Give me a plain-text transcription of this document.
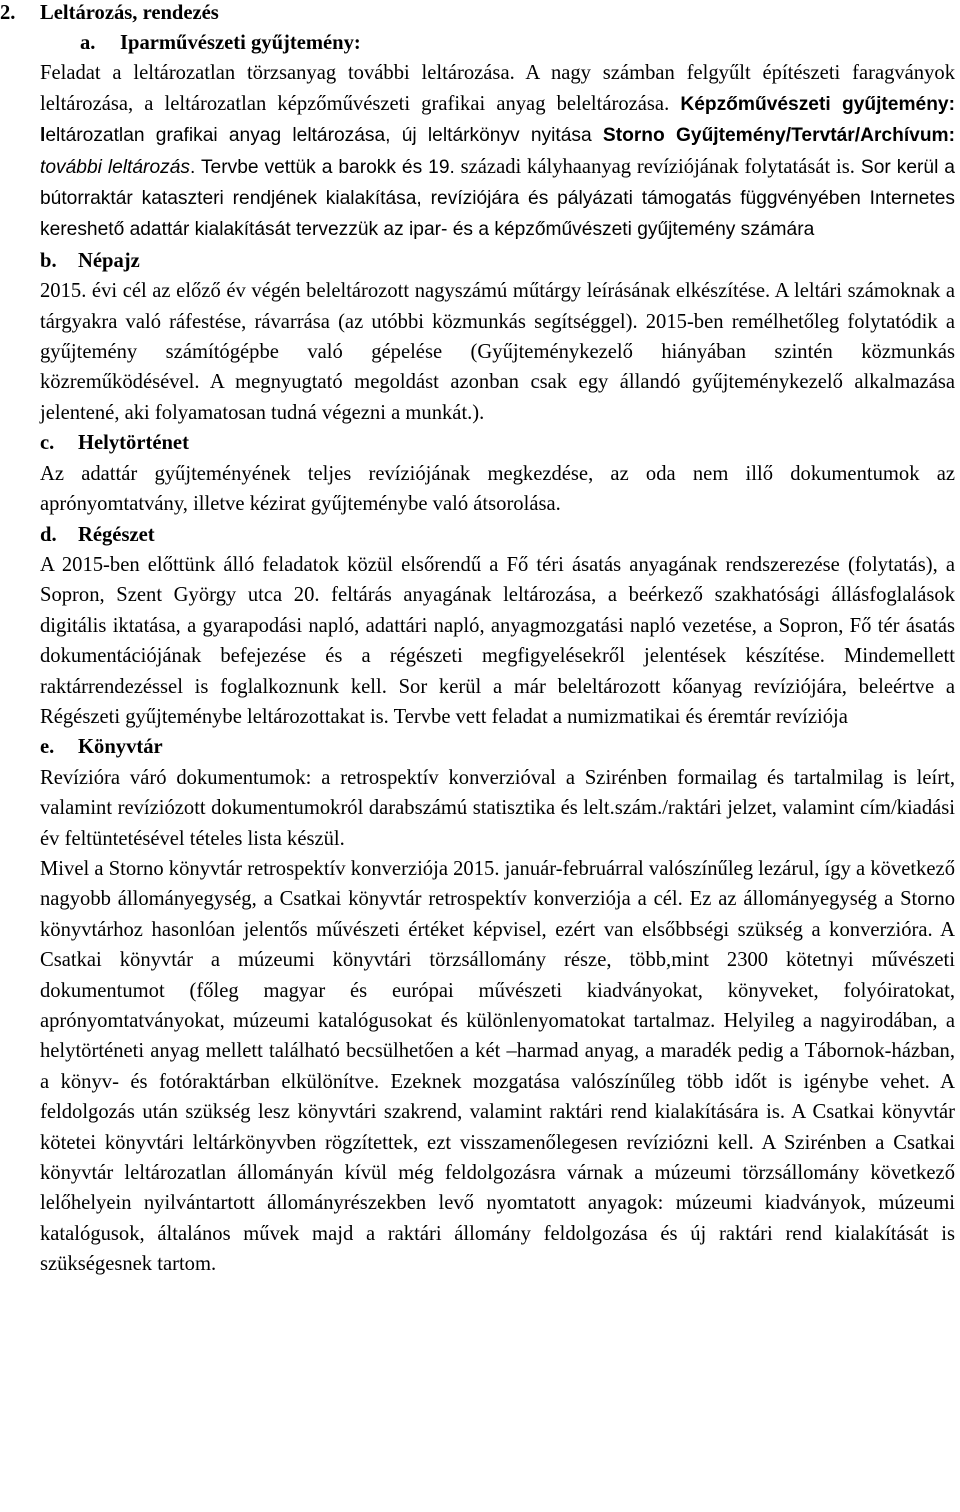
2. Leltározás, rendezés
a. Iparművészeti gyűjtemény:

Feladat a leltározatlan törzsanyag további leltározása. A nagy számban felgyűlt építészeti faragványok leltározása, a leltározatlan képzőművészeti grafikai anyag beleltározása. Képzőművészeti gyűjtemény: leltározatlan grafikai anyag leltározása, új leltárkönyv nyitása Storno Gyűjtemény/Tervtár/Archívum: további leltározás. Tervbe vettük a barokk és 19. századi kályhaanyag revíziójának folytatását is. Sor kerül a bútorraktár kataszteri rendjének kialakítása, revíziójára és pályázati támogatás függvényében Internetes kereshető adattár kialakítását tervezzük az ipar- és a képzőművészeti gyűjtemény számára

b. Népajz

2015. évi cél az előző év végén beleltározott nagyszámú műtárgy leírásának elkészítése. A leltári számoknak a tárgyakra való ráfestése, rávarrása (az utóbbi közmunkás segítséggel). 2015-ben remélhetőleg folytatódik a gyűjtemény számítógépbe való gépelése (Gyűjteménykezelő hiányában szintén közmunkás közreműködésével. A megnyugtató megoldást azonban csak egy állandó gyűjteménykezelő alkalmazása jelentené, aki folyamatosan tudná végezni a munkát.).

c. Helytörténet

Az adattár gyűjteményének teljes revíziójának megkezdése, az oda nem illő dokumentumok az aprónyomtatvány, illetve kézirat gyűjteménybe való átsorolása.

d. Régészet

A 2015-ben előttünk álló feladatok közül elsőrendű a Fő téri ásatás anyagának rendszerezése (folytatás), a Sopron, Szent György utca 20. feltárás anyagának leltározása, a beérkező szakhatósági állásfoglalások digitális iktatása, a gyarapodási napló, adattári napló, anyagmozgatási napló vezetése, a Sopron, Fő tér ásatás dokumentációjának befejezése és a régészeti megfigyelésekről jelentések készítése. Mindemellett raktárrendezéssel is foglalkoznunk kell. Sor kerül a már beleltározott kőanyag revíziójára, beleértve a Régészeti gyűjteménybe leltározottakat is. Tervbe vett feladat a numizmatikai és éremtár revíziója

e. Könyvtár

Revízióra váró dokumentumok: a retrospektív konverzióval a Szirénben formailag és tartalmilag is leírt, valamint revíziózott dokumentumokról darabszámú statisztika és lelt.szám./raktári jelzet, valamint cím/kiadási év feltüntetésével tételes lista készül.

Mivel a Storno könyvtár retrospektív konverziója 2015. január-februárral valószínűleg lezárul, így a következő nagyobb állományegység, a Csatkai könyvtár retrospektív konverziója a cél. Ez az állományegység a Storno könyvtárhoz hasonlóan jelentős művészeti értéket képvisel, ezért van elsőbbségi szükség a konverzióra. A Csatkai könyvtár a múzeumi könyvtári törzsállomány része, több,mint 2300 kötetnyi művészeti dokumentumot (főleg magyar és európai művészeti kiadványokat, könyveket, folyóiratokat, aprónyomtatványokat, múzeumi katalógusokat és különlenyomatokat tartalmaz. Helyileg a nagyirodában, a helytörténeti anyag mellett található becsülhetően a két –harmad anyag, a maradék pedig a Tábornok-házban, a könyv- és fotóraktárban elkülönítve. Ezeknek mozgatása valószínűleg több időt is igénybe vehet. A feldolgozás után szükség lesz könyvtári szakrend, valamint raktári rend kialakítására is. A Csatkai könyvtár kötetei könyvtári leltárkönyvben rögzítettek, ezt visszamenőlegesen revíziózni kell. A Szirénben a Csatkai könyvtár leltározatlan állományán kívül még feldolgozásra várnak a múzeumi törzsállomány következő lelőhelyein nyilvántartott állományrészekben levő nyomtatott anyagok: múzeumi kiadványok, múzeumi katalógusok, általános művek majd a raktári állomány feldolgozása és új raktári rend kialakítását is szükségesnek tartom.
